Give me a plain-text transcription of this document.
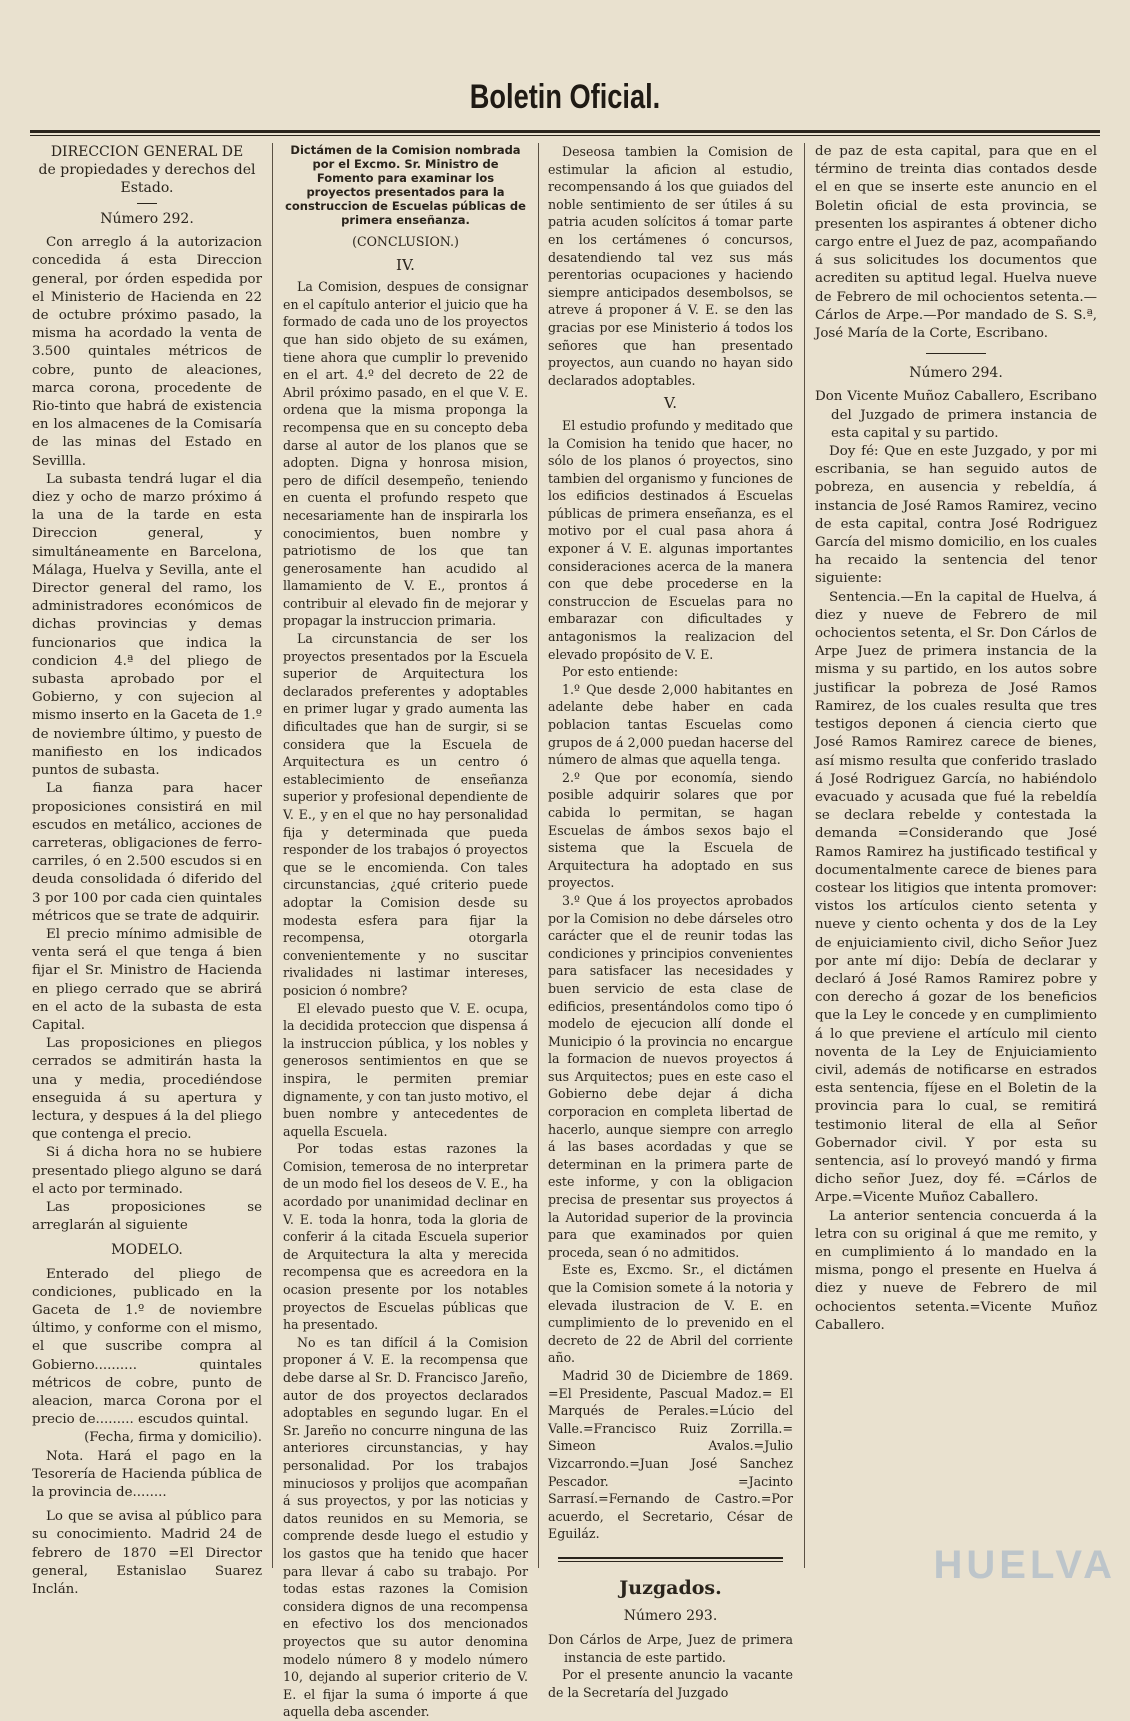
Boletin Oficial.

DIRECCION GENERAL DE

de propiedades y derechos del Estado.

Número 292.

Con arreglo á la autorizacion concedida á esta Direccion general, por órden espedida por el Ministerio de Hacienda en 22 de octubre próximo pasado, la misma ha acordado la venta de 3.500 quintales métricos de cobre, punto de aleaciones, marca corona, procedente de Rio-tinto que habrá de existencia en los almacenes de la Comisaría de las minas del Estado en Sevillla.

La subasta tendrá lugar el dia diez y ocho de marzo próximo á la una de la tarde en esta Direccion general, y simultáneamente en Barcelona, Málaga, Huelva y Sevilla, ante el Director general del ramo, los administradores económicos de dichas provincias y demas funcionarios que indica la condicion 4.ª del pliego de subasta aprobado por el Gobierno, y con sujecion al mismo inserto en la Gaceta de 1.º de noviembre último, y puesto de manifiesto en los indicados puntos de subasta.

La fianza para hacer proposiciones consistirá en mil escudos en metálico, acciones de carreteras, obligaciones de ferro-carriles, ó en 2.500 escudos si en deuda consolidada ó diferido del 3 por 100 por cada cien quintales métricos que se trate de adquirir.

El precio mínimo admisible de venta será el que tenga á bien fijar el Sr. Ministro de Hacienda en pliego cerrado que se abrirá en el acto de la subasta de esta Capital.

Las proposiciones en pliegos cerrados se admitirán hasta la una y media, procediéndose enseguida á su apertura y lectura, y despues á la del pliego que contenga el precio.

Si á dicha hora no se hubiere presentado pliego alguno se dará el acto por terminado.

Las proposiciones se arreglarán al siguiente

MODELO.

Enterado del pliego de condiciones, publicado en la Gaceta de 1.º de noviembre último, y conforme con el mismo, el que suscribe compra al Gobierno.......... quintales métricos de cobre, punto de aleacion, marca Corona por el precio de......... escudos quintal.

(Fecha, firma y domicilio).

Nota. Hará el pago en la Tesorería de Hacienda pública de la provincia de........

Lo que se avisa al público para su conocimiento. Madrid 24 de febrero de 1870 =El Director general, Estanislao Suarez Inclán.

Dictámen de la Comision nombrada por el Excmo. Sr. Ministro de Fomento para examinar los proyectos presentados para la construccion de Escuelas públicas de primera enseñanza.

(CONCLUSION.)

IV.

La Comision, despues de consignar en el capítulo anterior el juicio que ha formado de cada uno de los proyectos que han sido objeto de su exámen, tiene ahora que cumplir lo prevenido en el art. 4.º del decreto de 22 de Abril próximo pasado, en el que V. E. ordena que la misma proponga la recompensa que en su concepto deba darse al autor de los planos que se adopten. Digna y honrosa mision, pero de difícil desempeño, teniendo en cuenta el profundo respeto que necesariamente han de inspirarla los conocimientos, buen nombre y patriotismo de los que tan generosamente han acudido al llamamiento de V. E., prontos á contribuir al elevado fin de mejorar y propagar la instruccion primaria.

La circunstancia de ser los proyectos presentados por la Escuela superior de Arquitectura los declarados preferentes y adoptables en primer lugar y grado aumenta las dificultades que han de surgir, si se considera que la Escuela de Arquitectura es un centro ó establecimiento de enseñanza superior y profesional dependiente de V. E., y en el que no hay personalidad fija y determinada que pueda responder de los trabajos ó proyectos que se le encomienda. Con tales circunstancias, ¿qué criterio puede adoptar la Comision desde su modesta esfera para fijar la recompensa, otorgarla convenientemente y no suscitar rivalidades ni lastimar intereses, posicion ó nombre?

El elevado puesto que V. E. ocupa, la decidida proteccion que dispensa á la instruccion pública, y los nobles y generosos sentimientos en que se inspira, le permiten premiar dignamente, y con tan justo motivo, el buen nombre y antecedentes de aquella Escuela.

Por todas estas razones la Comision, temerosa de no interpretar de un modo fiel los deseos de V. E., ha acordado por unanimidad declinar en V. E. toda la honra, toda la gloria de conferir á la citada Escuela superior de Arquitectura la alta y merecida recompensa que es acreedora en la ocasion presente por los notables proyectos de Escuelas públicas que ha presentado.

No es tan difícil á la Comision proponer á V. E. la recompensa que debe darse al Sr. D. Francisco Jareño, autor de dos proyectos declarados adoptables en segundo lugar. En el Sr. Jareño no concurre ninguna de las anteriores circunstancias, y hay personalidad. Por los trabajos minuciosos y prolijos que acompañan á sus proyectos, y por las noticias y datos reunidos en su Memoria, se comprende desde luego el estudio y los gastos que ha tenido que hacer para llevar á cabo su trabajo. Por todas estas razones la Comision considera dignos de una recompensa en efectivo los dos mencionados proyectos que su autor denomina modelo número 8 y modelo número 10, dejando al superior criterio de V. E. el fijar la suma ó importe á que aquella deba ascender.

Deseosa tambien la Comision de estimular la aficion al estudio, recompensando á los que guiados del noble sentimiento de ser útiles á su patria acuden solícitos á tomar parte en los certámenes ó concursos, desatendiendo tal vez sus más perentorias ocupaciones y haciendo siempre anticipados desembolsos, se atreve á proponer á V. E. se den las gracias por ese Ministerio á todos los señores que han presentado proyectos, aun cuando no hayan sido declarados adoptables.

V.

El estudio profundo y meditado que la Comision ha tenido que hacer, no sólo de los planos ó proyectos, sino tambien del organismo y funciones de los edificios destinados á Escuelas públicas de primera enseñanza, es el motivo por el cual pasa ahora á exponer á V. E. algunas importantes consideraciones acerca de la manera con que debe procederse en la construccion de Escuelas para no embarazar con dificultades y antagonismos la realizacion del elevado propósito de V. E.

Por esto entiende:

1.º Que desde 2,000 habitantes en adelante debe haber en cada poblacion tantas Escuelas como grupos de á 2,000 puedan hacerse del número de almas que aquella tenga.

2.º Que por economía, siendo posible adquirir solares que por cabida lo permitan, se hagan Escuelas de ámbos sexos bajo el sistema que la Escuela de Arquitectura ha adoptado en sus proyectos.

3.º Que á los proyectos aprobados por la Comision no debe dárseles otro carácter que el de reunir todas las condiciones y principios convenientes para satisfacer las necesidades y buen servicio de esta clase de edificios, presentándolos como tipo ó modelo de ejecucion allí donde el Municipio ó la provincia no encargue la formacion de nuevos proyectos á sus Arquitectos; pues en este caso el Gobierno debe dejar á dicha corporacion en completa libertad de hacerlo, aunque siempre con arreglo á las bases acordadas y que se determinan en la primera parte de este informe, y con la obligacion precisa de presentar sus proyectos á la Autoridad superior de la provincia para que examinados por quien proceda, sean ó no admitidos.

Este es, Excmo. Sr., el dictámen que la Comision somete á la notoria y elevada ilustracion de V. E. en cumplimiento de lo prevenido en el decreto de 22 de Abril del corriente año.

Madrid 30 de Diciembre de 1869. =El Presidente, Pascual Madoz.= El Marqués de Perales.=Lúcio del Valle.=Francisco Ruiz Zorrilla.= Simeon Avalos.=Julio Vizcarrondo.=Juan José Sanchez Pescador. =Jacinto Sarrasí.=Fernando de Castro.=Por acuerdo, el Secretario, César de Eguiláz.

Juzgados.

Número 293.

Don Cárlos de Arpe, Juez de primera instancia de este partido.

Por el presente anuncio la vacante de la Secretaría del Juzgado

de paz de esta capital, para que en el término de treinta dias contados desde el en que se inserte este anuncio en el Boletin oficial de esta provincia, se presenten los aspirantes á obtener dicho cargo entre el Juez de paz, acompañando á sus solicitudes los documentos que acrediten su aptitud legal. Huelva nueve de Febrero de mil ochocientos setenta.—Cárlos de Arpe.—Por mandado de S. S.ª, José María de la Corte, Escribano.

Número 294.

Don Vicente Muñoz Caballero, Escribano del Juzgado de primera instancia de esta capital y su partido.

Doy fé: Que en este Juzgado, y por mi escribania, se han seguido autos de pobreza, en ausencia y rebeldía, á instancia de José Ramos Ramirez, vecino de esta capital, contra José Rodriguez García del mismo domicilio, en los cuales ha recaido la sentencia del tenor siguiente:

Sentencia.—En la capital de Huelva, á diez y nueve de Febrero de mil ochocientos setenta, el Sr. Don Cárlos de Arpe Juez de primera instancia de la misma y su partido, en los autos sobre justificar la pobreza de José Ramos Ramirez, de los cuales resulta que tres testigos deponen á ciencia cierto que José Ramos Ramirez carece de bienes, así mismo resulta que conferido traslado á José Rodriguez García, no habiéndolo evacuado y acusada que fué la rebeldía se declara rebelde y contestada la demanda =Considerando que José Ramos Ramirez ha justificado testifical y documentalmente carece de bienes para costear los litigios que intenta promover: vistos los artículos ciento setenta y nueve y ciento ochenta y dos de la Ley de enjuiciamiento civil, dicho Señor Juez por ante mí dijo: Debía de declarar y declaró á José Ramos Ramirez pobre y con derecho á gozar de los beneficios que la Ley le concede y en cumplimiento á lo que previene el artículo mil ciento noventa de la Ley de Enjuiciamiento civil, además de notificarse en estrados esta sentencia, fíjese en el Boletin de la provincia para lo cual, se remitirá testimonio literal de ella al Señor Gobernador civil. Y por esta su sentencia, así lo proveyó mandó y firma dicho señor Juez, doy fé. =Cárlos de Arpe.=Vicente Muñoz Caballero.

La anterior sentencia concuerda á la letra con su original á que me remito, y en cumplimiento á lo mandado en la misma, pongo el presente en Huelva á diez y nueve de Febrero de mil ochocientos setenta.=Vicente Muñoz Caballero.

HUELVA
